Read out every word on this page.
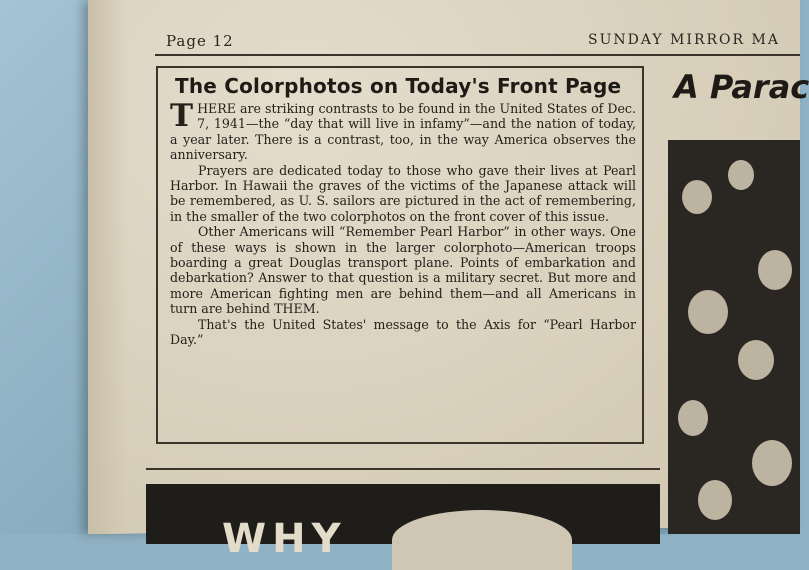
Page 12	SUNDAY MIRROR MA
The Colorphotos on Today's Front Page

THERE are striking contrasts to be found in the United States of Dec. 7, 1941—the “day that will live in infamy”—and the nation of today, a year later. There is a contrast, too, in the way America observes the anniversary.

Prayers are dedicated today to those who gave their lives at Pearl Harbor. In Hawaii the graves of the victims of the Japanese attack will be remembered, as U. S. sailors are pictured in the act of remembering, in the smaller of the two colorphotos on the front cover of this issue.

Other Americans will “Remember Pearl Harbor” in other ways. One of these ways is shown in the larger colorphoto—American troops boarding a great Douglas transport plane. Points of embarkation and debarkation? Answer to that question is a military secret. But more and more American fighting men are behind them—and all Americans in turn are behind THEM.

That's the United States' message to the Axis for “Pearl Harbor Day.”

A Parac
WHY
